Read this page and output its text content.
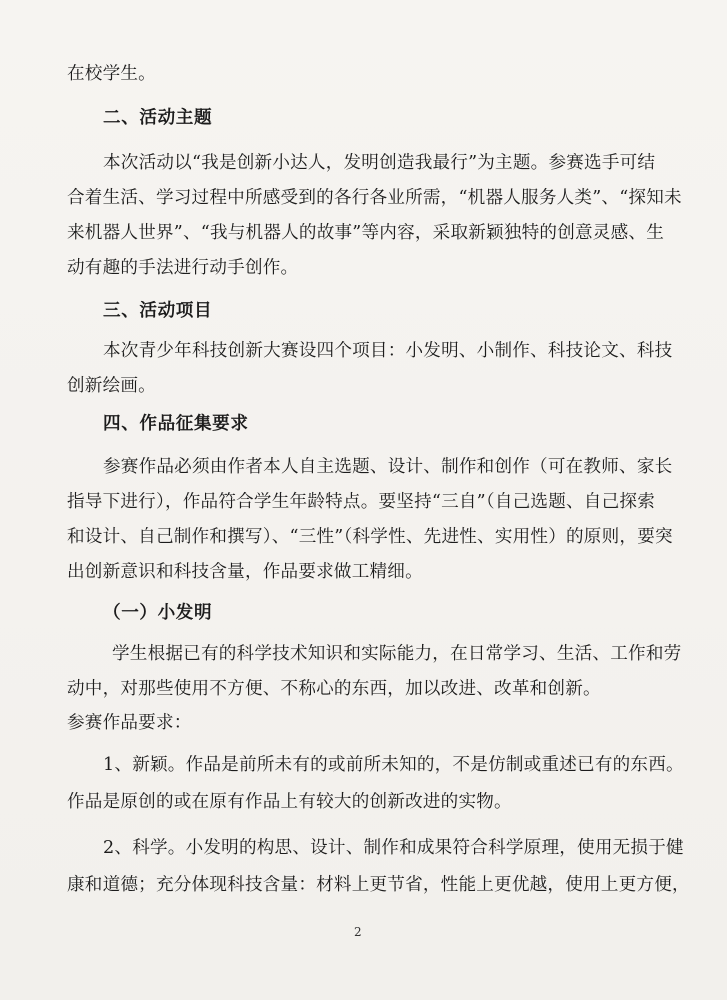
在校学生。
二、活动主题
本次活动以“我是创新小达人，发明创造我最行”为主题。参赛选手可结
合着生活、学习过程中所感受到的各行各业所需，“机器人服务人类”、“探知未
来机器人世界”、“我与机器人的故事”等内容，采取新颖独特的创意灵感、生
动有趣的手法进行动手创作。
三、活动项目
本次青少年科技创新大赛设四个项目：小发明、小制作、科技论文、科技
创新绘画。
四、作品征集要求
参赛作品必须由作者本人自主选题、设计、制作和创作（可在教师、家长
指导下进行），作品符合学生年龄特点。要坚持“三自”（自己选题、自己探索
和设计、自己制作和撰写）、“三性”（科学性、先进性、实用性）的原则，要突
出创新意识和科技含量，作品要求做工精细。
（一）小发明
学生根据已有的科学技术知识和实际能力，在日常学习、生活、工作和劳
动中，对那些使用不方便、不称心的东西，加以改进、改革和创新。
参赛作品要求：
1、新颖。作品是前所未有的或前所未知的，不是仿制或重述已有的东西。
作品是原创的或在原有作品上有较大的创新改进的实物。
2、科学。小发明的构思、设计、制作和成果符合科学原理，使用无损于健
康和道德；充分体现科技含量：材料上更节省，性能上更优越，使用上更方便，
2
